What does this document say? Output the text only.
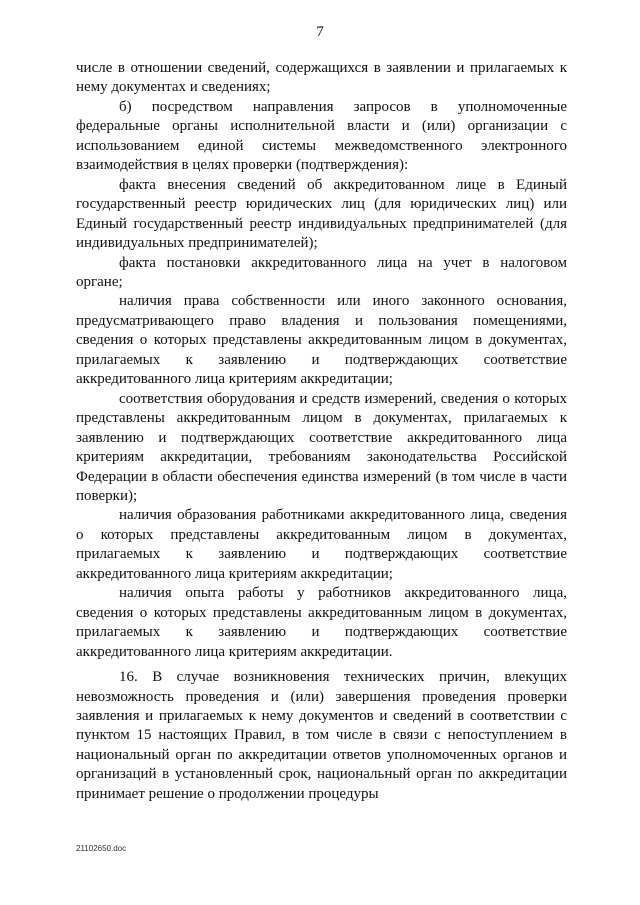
7

числе в отношении сведений, содержащихся в заявлении и прилагаемых к нему документах и сведениях;

б) посредством направления запросов в уполномоченные федеральные органы исполнительной власти и (или) организации с использованием единой системы межведомственного электронного взаимодействия в целях проверки (подтверждения):

факта внесения сведений об аккредитованном лице в Единый государственный реестр юридических лиц (для юридических лиц) или Единый государственный реестр индивидуальных предпринимателей (для индивидуальных предпринимателей);

факта постановки аккредитованного лица на учет в налоговом органе;

наличия права собственности или иного законного основания, предусматривающего право владения и пользования помещениями, сведения о которых представлены аккредитованным лицом в документах, прилагаемых к заявлению и подтверждающих соответствие аккредитованного лица критериям аккредитации;

соответствия оборудования и средств измерений, сведения о которых представлены аккредитованным лицом в документах, прилагаемых к заявлению и подтверждающих соответствие аккредитованного лица критериям аккредитации, требованиям законодательства Российской Федерации в области обеспечения единства измерений (в том числе в части поверки);

наличия образования работниками аккредитованного лица, сведения о которых представлены аккредитованным лицом в документах, прилагаемых к заявлению и подтверждающих соответствие аккредитованного лица критериям аккредитации;

наличия опыта работы у работников аккредитованного лица, сведения о которых представлены аккредитованным лицом в документах, прилагаемых к заявлению и подтверждающих соответствие аккредитованного лица критериям аккредитации.

16. В случае возникновения технических причин, влекущих невозможность проведения и (или) завершения проведения проверки заявления и прилагаемых к нему документов и сведений в соответствии с пунктом 15 настоящих Правил, в том числе в связи с непоступлением в национальный орган по аккредитации ответов уполномоченных органов и организаций в установленный срок, национальный орган по аккредитации принимает решение о продолжении процедуры

21102650.doc
